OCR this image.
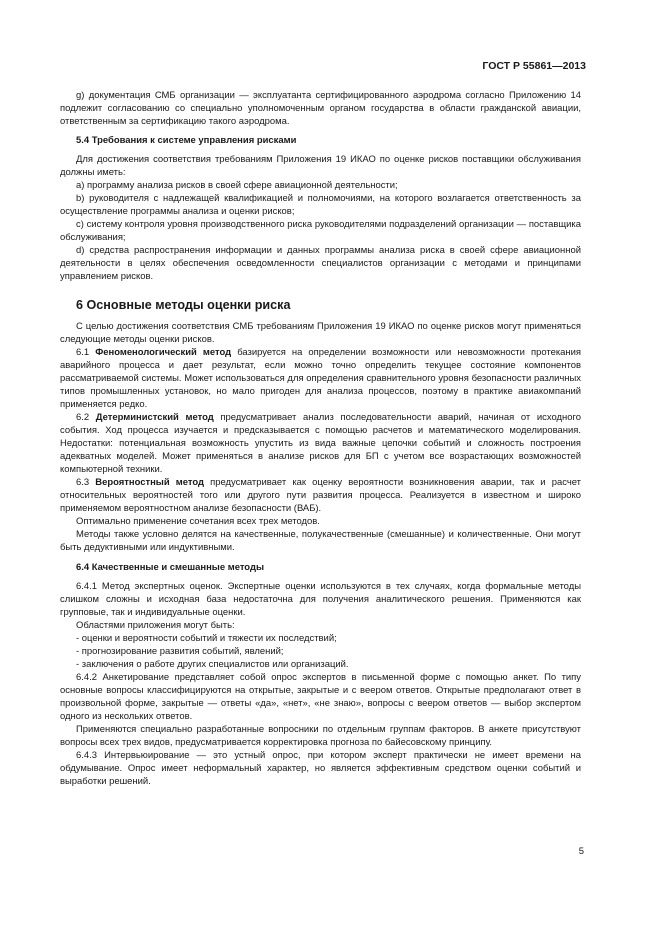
ГОСТ Р 55861—2013

g) документация СМБ организации — эксплуатанта сертифицированного аэродрома согласно Приложению 14 подлежит согласованию со специально уполномоченным органом государства в области гражданской авиации, ответственным за сертификацию такого аэродрома.

5.4 Требования к системе управления рисками

Для достижения соответствия требованиям Приложения 19 ИКАО по оценке рисков поставщики обслуживания должны иметь:

a) программу анализа рисков в своей сфере авиационной деятельности;

b) руководителя с надлежащей квалификацией и полномочиями, на которого возлагается ответственность за осуществление программы анализа и оценки рисков;

c) систему контроля уровня производственного риска руководителями подразделений организации — поставщика обслуживания;

d) средства распространения информации и данных программы анализа риска в своей сфере авиационной деятельности в целях обеспечения осведомленности специалистов организации с методами и принципами управлением рисков.

6 Основные методы оценки риска

С целью достижения соответствия СМБ требованиям Приложения 19 ИКАО по оценке рисков могут применяться следующие методы оценки рисков.

6.1 Феноменологический метод базируется на определении возможности или невозможности протекания аварийного процесса и дает результат, если можно точно определить текущее состояние компонентов рассматриваемой системы. Может использоваться для определения сравнительного уровня безопасности различных типов промышленных установок, но мало пригоден для анализа процессов, поэтому в практике авиакомпаний применяется редко.

6.2 Детерминистский метод предусматривает анализ последовательности аварий, начиная от исходного события. Ход процесса изучается и предсказывается с помощью расчетов и математического моделирования. Недостатки: потенциальная возможность упустить из вида важные цепочки событий и сложность построения адекватных моделей. Может применяться в анализе рисков для БП с учетом все возрастающих возможностей компьютерной техники.

6.3 Вероятностный метод предусматривает как оценку вероятности возникновения аварии, так и расчет относительных вероятностей того или другого пути развития процесса. Реализуется в известном и широко применяемом вероятностном анализе безопасности (ВАБ).

Оптимально применение сочетания всех трех методов.

Методы также условно делятся на качественные, полукачественные (смешанные) и количественные. Они могут быть дедуктивными или индуктивными.

6.4 Качественные и смешанные методы

6.4.1 Метод экспертных оценок. Экспертные оценки используются в тех случаях, когда формальные методы слишком сложны и исходная база недостаточна для получения аналитического решения. Применяются как групповые, так и индивидуальные оценки.

Областями приложения могут быть:

- оценки и вероятности событий и тяжести их последствий;

- прогнозирование развития событий, явлений;

- заключения о работе других специалистов или организаций.

6.4.2 Анкетирование представляет собой опрос экспертов в письменной форме с помощью анкет. По типу основные вопросы классифицируются на открытые, закрытые и с веером ответов. Открытые предполагают ответ в произвольной форме, закрытые — ответы «да», «нет», «не знаю», вопросы с веером ответов — выбор экспертом одного из нескольких ответов.

Применяются специально разработанные вопросники по отдельным группам факторов. В анкете присутствуют вопросы всех трех видов, предусматривается корректировка прогноза по байесовскому принципу.

6.4.3 Интервьюирование — это устный опрос, при котором эксперт практически не имеет времени на обдумывание. Опрос имеет неформальный характер, но является эффективным средством оценки событий и выработки решений.

5
